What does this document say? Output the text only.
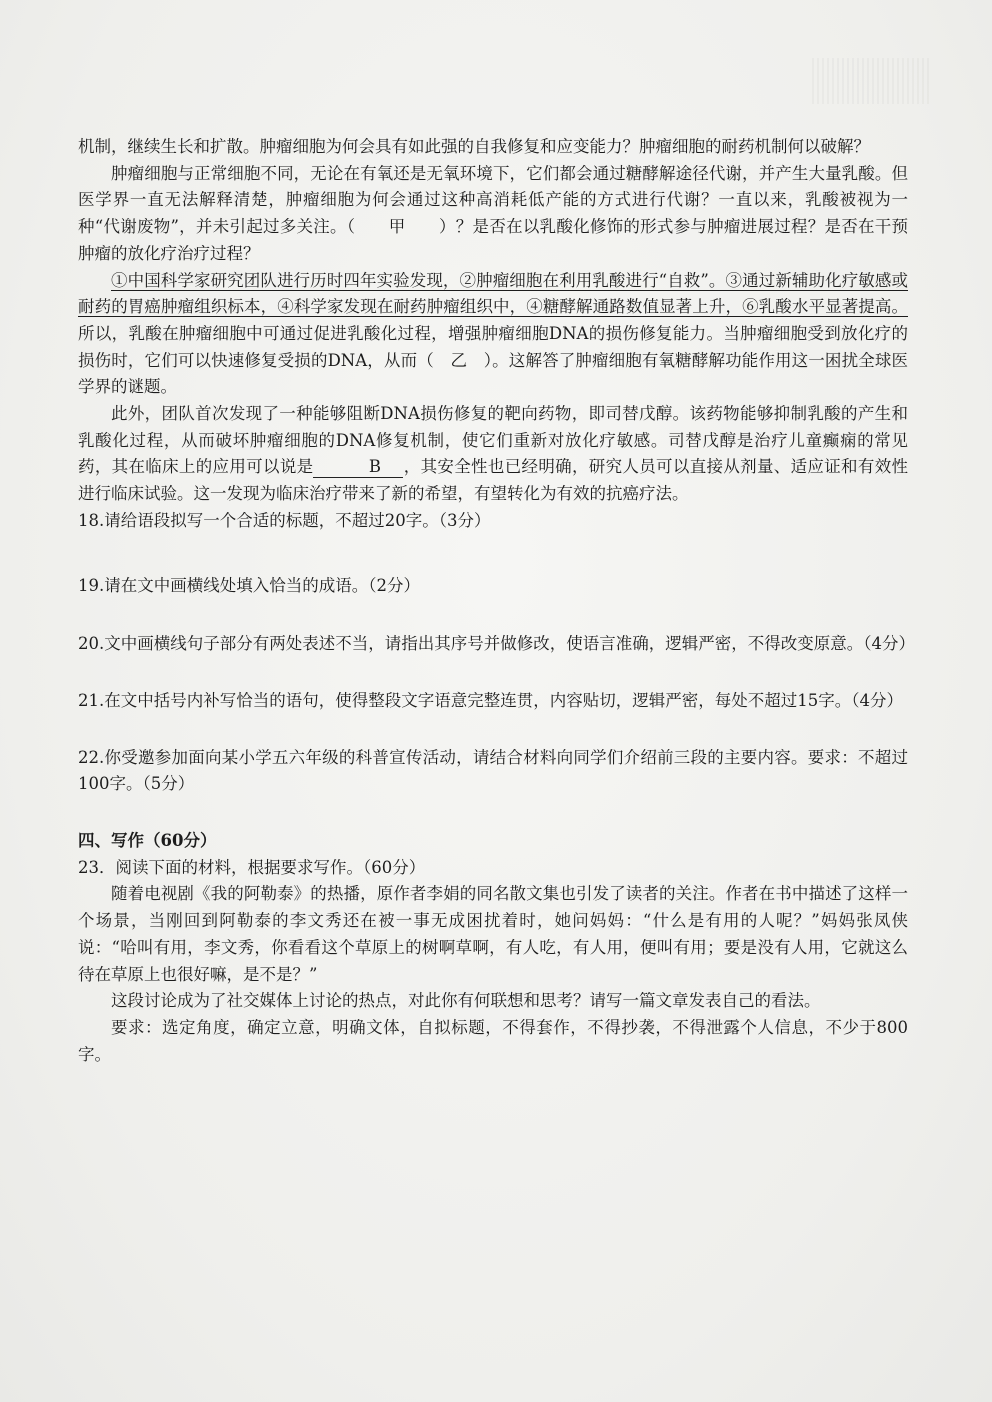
机制，继续生长和扩散。肿瘤细胞为何会具有如此强的自我修复和应变能力？肿瘤细胞的耐药机制何以破解？

肿瘤细胞与正常细胞不同，无论在有氧还是无氧环境下，它们都会通过糖酵解途径代谢，并产生大量乳酸。但医学界一直无法解释清楚，肿瘤细胞为何会通过这种高消耗低产能的方式进行代谢？一直以来，乳酸被视为一种“代谢废物”，并未引起过多关注。（　　甲　　）？是否在以乳酸化修饰的形式参与肿瘤进展过程？是否在干预肿瘤的放化疗治疗过程？

①中国科学家研究团队进行历时四年实验发现，②肿瘤细胞在利用乳酸进行“自救”。③通过新辅助化疗敏感或耐药的胃癌肿瘤组织标本，④科学家发现在耐药肿瘤组织中，④糖酵解通路数值显著上升，⑥乳酸水平显著提高。所以，乳酸在肿瘤细胞中可通过促进乳酸化过程，增强肿瘤细胞DNA的损伤修复能力。当肿瘤细胞受到放化疗的损伤时，它们可以快速修复受损的DNA，从而（　乙　）。这解答了肿瘤细胞有氧糖酵解功能作用这一困扰全球医学界的谜题。

此外，团队首次发现了一种能够阻断DNA损伤修复的靶向药物，即司替戊醇。该药物能够抑制乳酸的产生和乳酸化过程，从而破坏肿瘤细胞的DNA修复机制，使它们重新对放化疗敏感。司替戊醇是治疗儿童癫痫的常见药，其在临床上的应用可以说是	B ，其安全性也已经明确，研究人员可以直接从剂量、适应证和有效性进行临床试验。这一发现为临床治疗带来了新的希望，有望转化为有效的抗癌疗法。

18.请给语段拟写一个合适的标题，不超过20字。（3分）

19.请在文中画横线处填入恰当的成语。（2分）

20.文中画横线句子部分有两处表述不当，请指出其序号并做修改，使语言准确，逻辑严密，不得改变原意。（4分）

21.在文中括号内补写恰当的语句，使得整段文字语意完整连贯，内容贴切，逻辑严密，每处不超过15字。（4分）

22.你受邀参加面向某小学五六年级的科普宣传活动，请结合材料向同学们介绍前三段的主要内容。要求：不超过100字。（5分）

四、写作（60分）

23．阅读下面的材料，根据要求写作。（60分）

随着电视剧《我的阿勒泰》的热播，原作者李娟的同名散文集也引发了读者的关注。作者在书中描述了这样一个场景，当刚回到阿勒泰的李文秀还在被一事无成困扰着时，她问妈妈：“什么是有用的人呢？”妈妈张凤侠说：“哈叫有用，李文秀，你看看这个草原上的树啊草啊，有人吃，有人用，便叫有用；要是没有人用，它就这么待在草原上也很好嘛，是不是？”

这段讨论成为了社交媒体上讨论的热点，对此你有何联想和思考？请写一篇文章发表自己的看法。

要求：选定角度，确定立意，明确文体，自拟标题，不得套作，不得抄袭，不得泄露个人信息，不少于800字。
